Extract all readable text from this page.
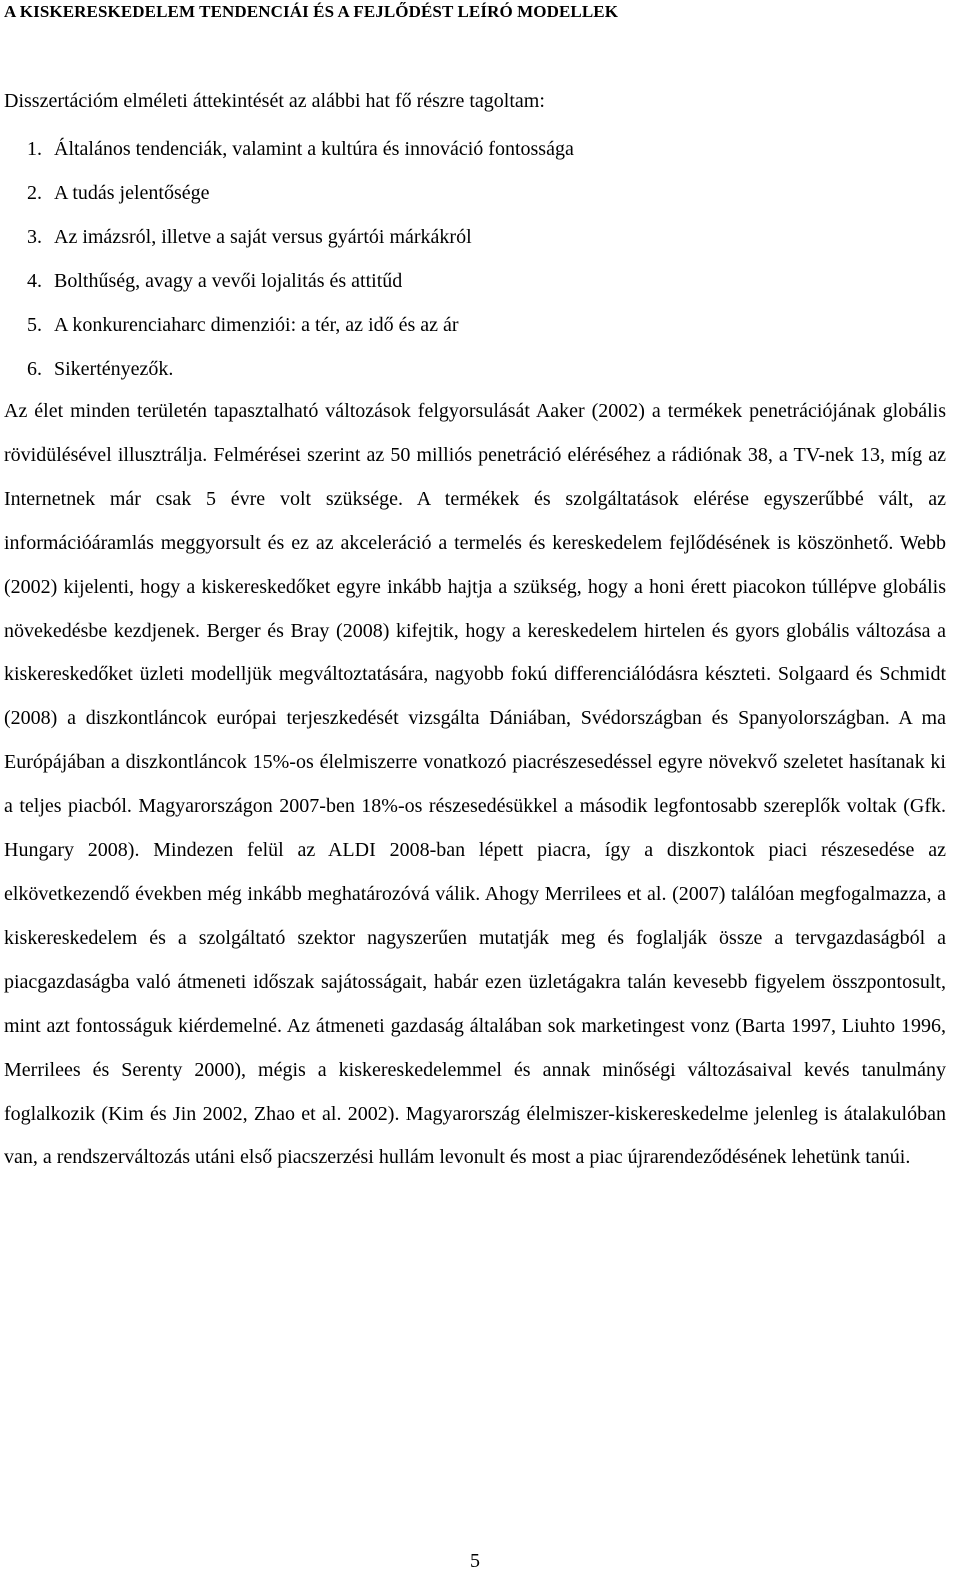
A KISKERESKEDELEM TENDENCIÁI ÉS A FEJLŐDÉST LEÍRÓ MODELLEK
Disszertációm elméleti áttekintését az alábbi hat fő részre tagoltam:
1. Általános tendenciák, valamint a kultúra és innováció fontossága
2. A tudás jelentősége
3. Az imázsról, illetve a saját versus gyártói márkákról
4. Bolthűség, avagy a vevői lojalitás és attitűd
5. A konkurenciaharc dimenziói: a tér, az idő és az ár
6. Sikertényezők.

Az élet minden területén tapasztalható változások felgyorsulását Aaker (2002) a termékek penetrációjának globális rövidülésével illusztrálja. Felmérései szerint az 50 milliós penetráció eléréséhez a rádiónak 38, a TV-nek 13, míg az Internetnek már csak 5 évre volt szüksége. A termékek és szolgáltatások elérése egyszerűbbé vált, az információáramlás meggyorsult és ez az akceleráció a termelés és kereskedelem fejlődésének is köszönhető. Webb (2002) kijelenti, hogy a kiskereskedőket egyre inkább hajtja a szükség, hogy a honi érett piacokon túllépve globális növekedésbe kezdjenek. Berger és Bray (2008) kifejtik, hogy a kereskedelem hirtelen és gyors globális változása a kiskereskedőket üzleti modelljük megváltoztatására, nagyobb fokú differenciálódásra készteti. Solgaard és Schmidt (2008) a diszkontláncok európai terjeszkedését vizsgálta Dániában, Svédországban és Spanyolországban. A ma Európájában a diszkontláncok 15%-os élelmiszerre vonatkozó piacrészesedéssel egyre növekvő szeletet hasítanak ki a teljes piacból. Magyarországon 2007-ben 18%-os részesedésükkel a második legfontosabb szereplők voltak (Gfk. Hungary 2008). Mindezen felül az ALDI 2008-ban lépett piacra, így a diszkontok piaci részesedése az elkövetkezendő években még inkább meghatározóvá válik. Ahogy Merrilees et al. (2007) találóan megfogalmazza, a kiskereskedelem és a szolgáltató szektor nagyszerűen mutatják meg és foglalják össze a tervgazdaságból a piacgazdaságba való átmeneti időszak sajátosságait, habár ezen üzletágakra talán kevesebb figyelem összpontosult, mint azt fontosságuk kiérdemelné. Az átmeneti gazdaság általában sok marketingest vonz (Barta 1997, Liuhto 1996, Merrilees és Serenty 2000), mégis a kiskereskedelemmel és annak minőségi változásaival kevés tanulmány foglalkozik (Kim és Jin 2002, Zhao et al. 2002). Magyarország élelmiszer-kiskereskedelme jelenleg is átalakulóban van, a rendszerváltozás utáni első piacszerzési hullám levonult és most a piac újrarendeződésének lehetünk tanúi.

5
